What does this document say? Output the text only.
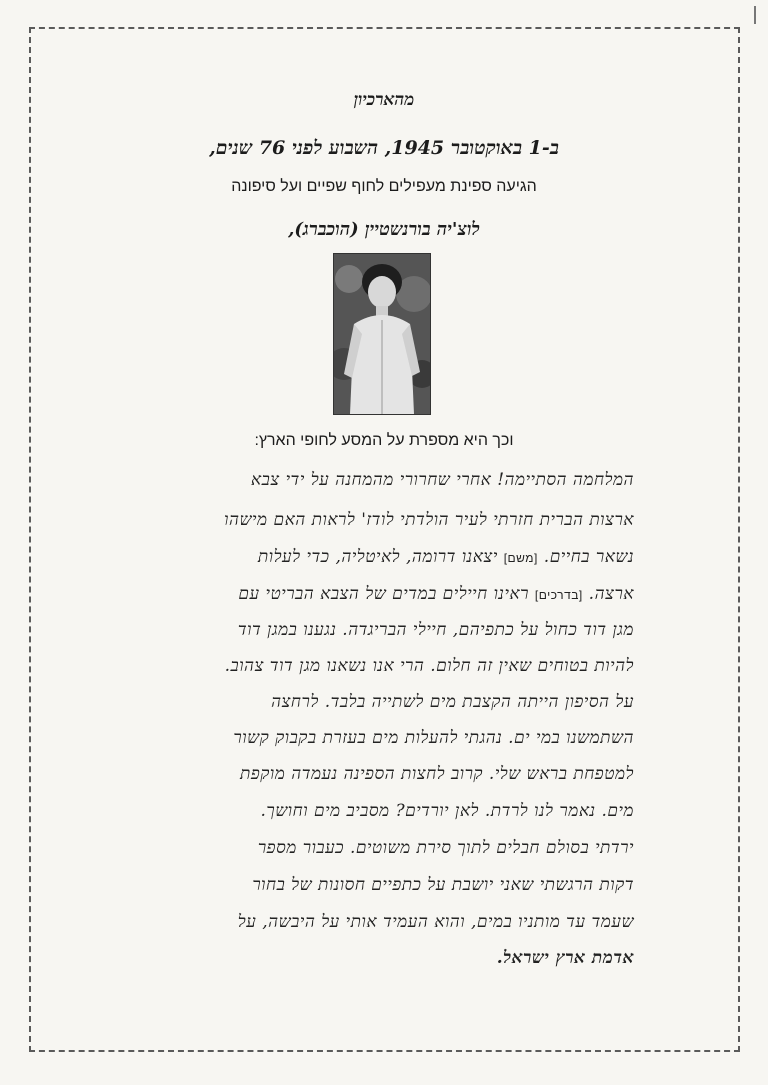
מהארכיון
ב-1 באוקטובר 1945, השבוע לפני 76 שנים,
הגיעה ספינת מעפילים לחוף שפיים ועל סיפונה
לוצ'יה בורנשטיין (הוכברג),
וכך היא מספרת על המסע לחופי הארץ:
המלחמה הסתיימה! אחרי שחרורי מהמחנה על ידי צבא
ארצות הברית חזרתי לעיר הולדתי לודז' לראות האם מישהו
נשאר בחיים. [משם] יצאנו דרומה, לאיטליה, כדי לעלות
ארצה. [בדרכים] ראינו חיילים במדים של הצבא הבריטי עם
מגן דוד כחול על כתפיהם, חיילי הבריגדה. נגענו במגן דוד
להיות בטוחים שאין זה חלום. הרי אנו נשאנו מגן דוד צהוב.
על הסיפון הייתה הקצבת מים לשתייה בלבד. לרחצה
השתמשנו במי ים. נהגתי להעלות מים בעזרת בקבוק קשור
למטפחת בראש שלי. קרוב לחצות הספינה נעמדה מוקפת
מים. נאמר לנו לרדת. לאן יורדים? מסביב מים וחושך.
ירדתי בסולם חבלים לתוך סירת משוטים. כעבור מספר
דקות הרגשתי שאני יושבת על כתפיים חסונות של בחור
שעמד עד מותניו במים, והוא העמיד אותי על היבשה, על
אדמת ארץ ישראל.
